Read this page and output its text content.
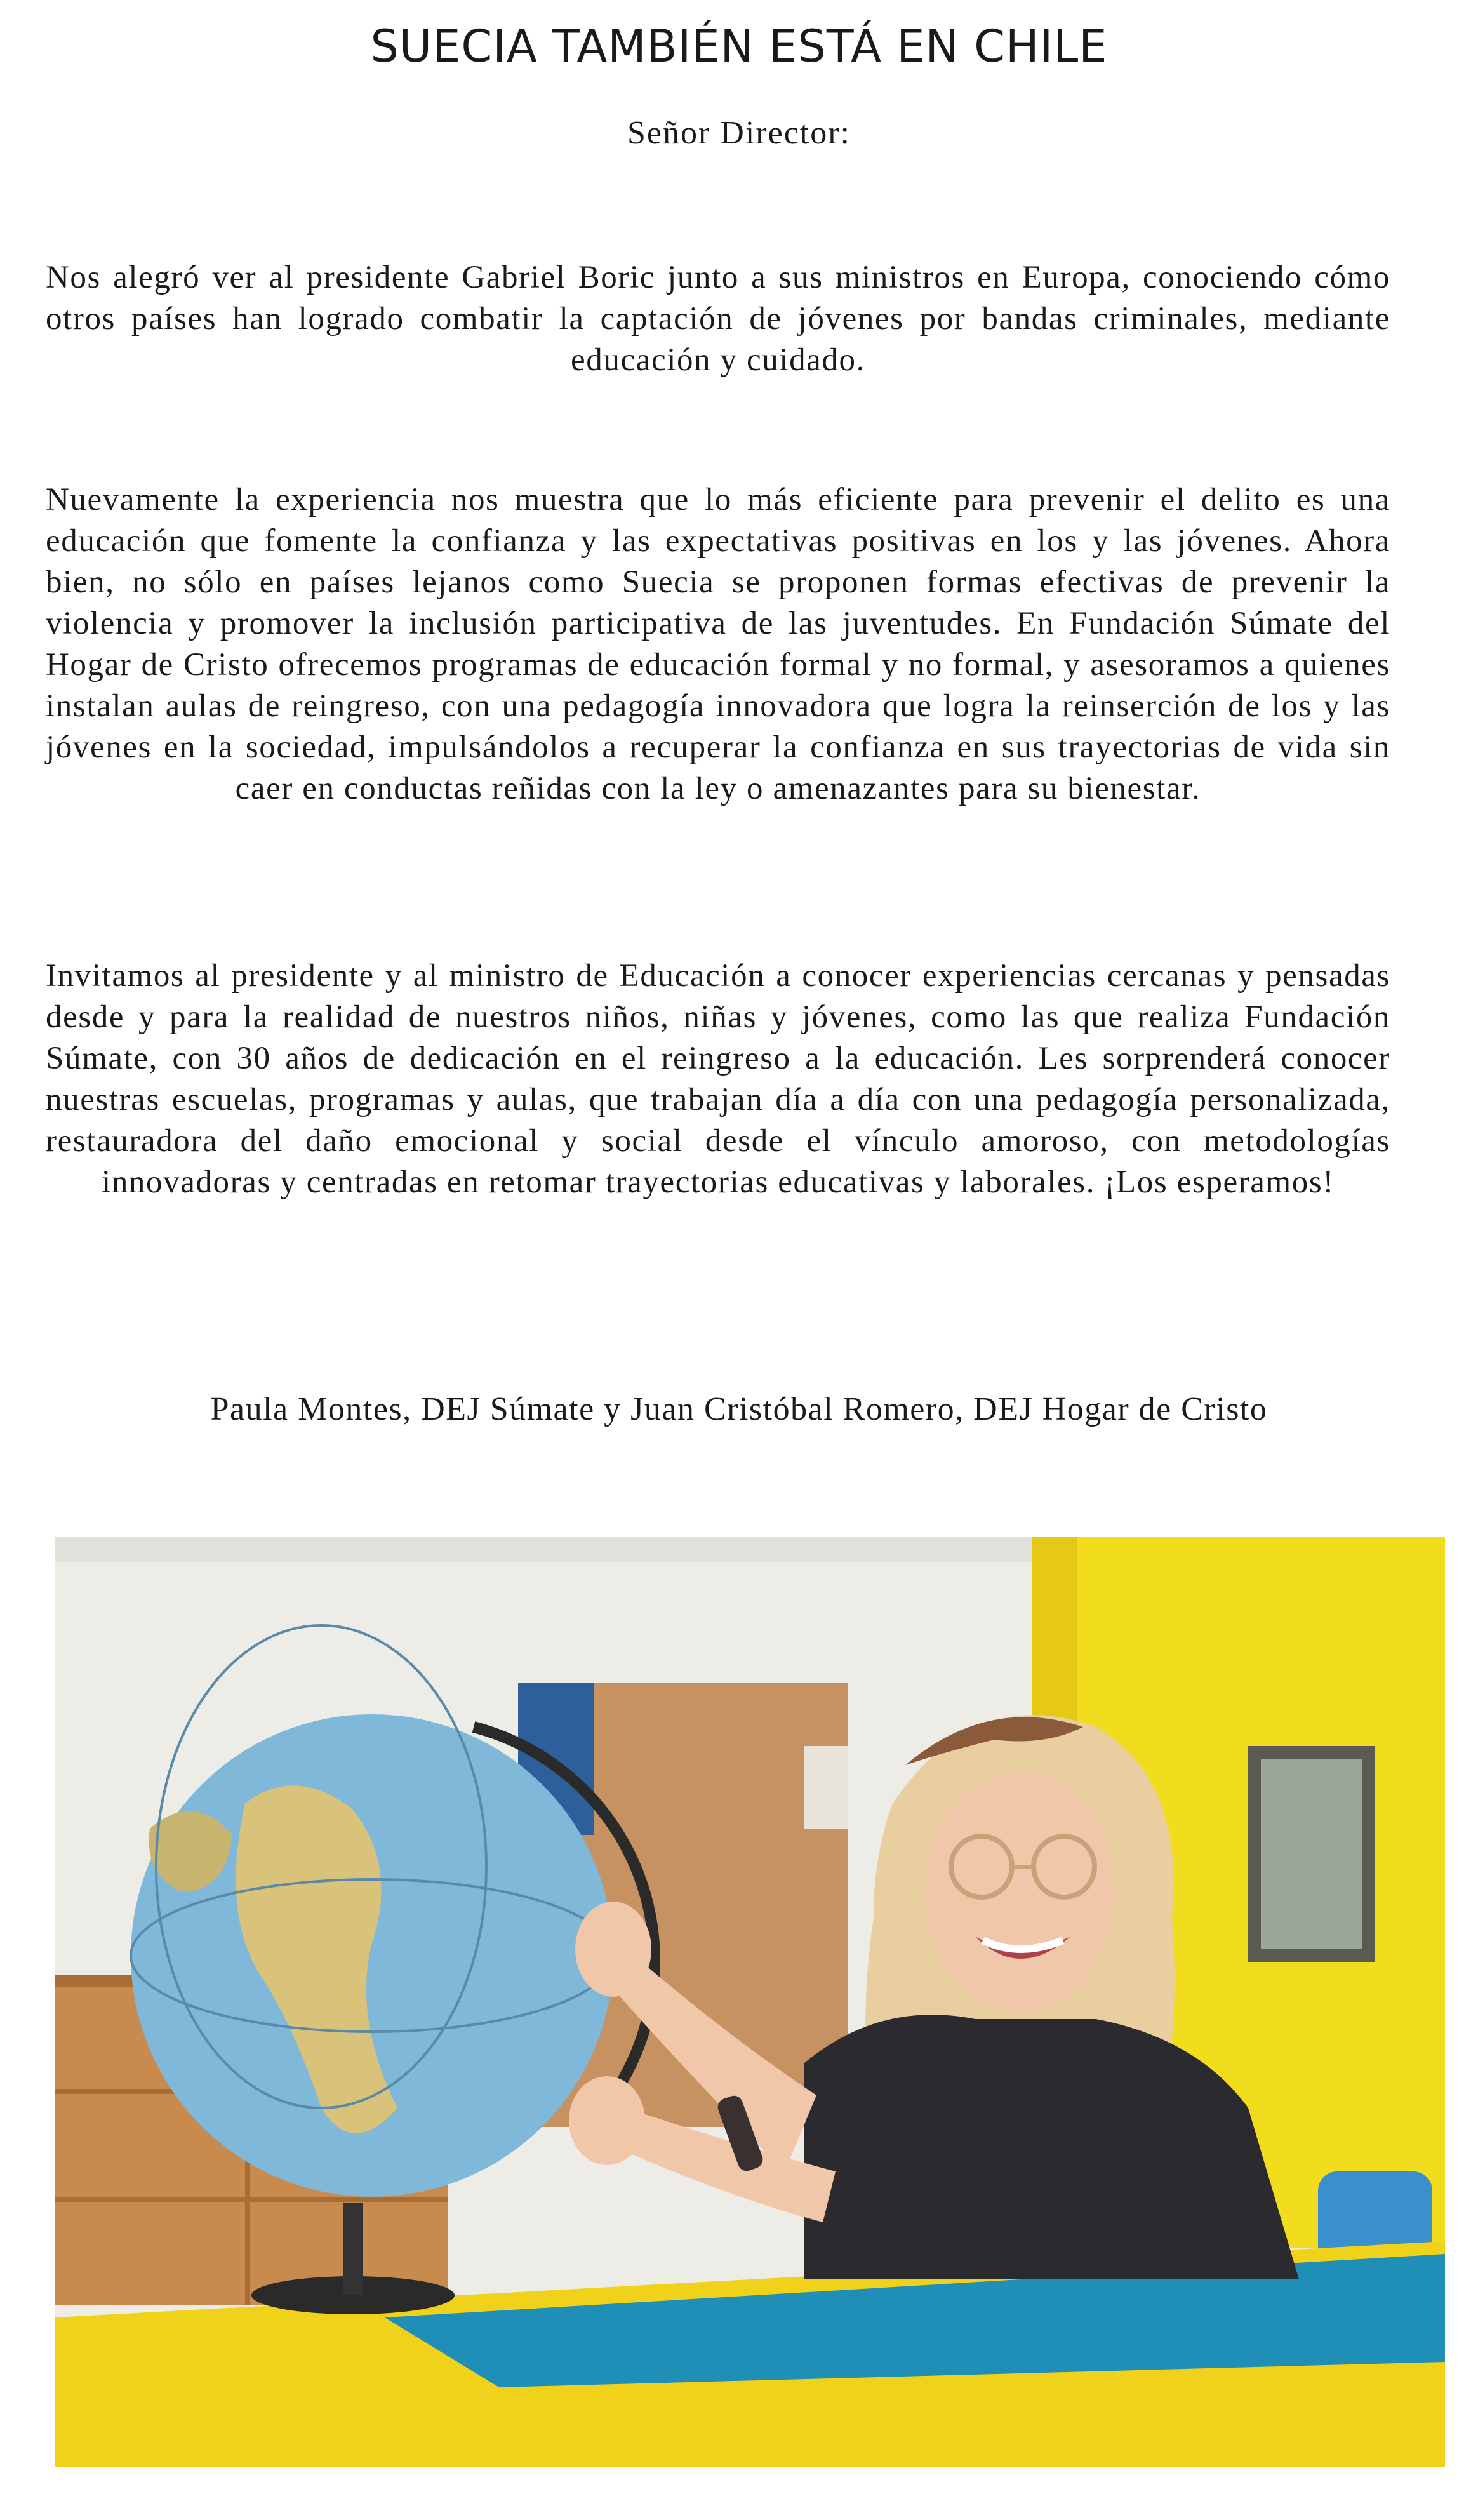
SUECIA TAMBIÉN ESTÁ EN CHILE

Señor Director:

Nos alegró ver al presidente Gabriel Boric junto a sus ministros en Europa, conociendo cómo otros países han logrado combatir la captación de jóvenes por bandas criminales, mediante educación y cuidado.

Nuevamente la experiencia nos muestra que lo más eficiente para prevenir el delito es una educación que fomente la confianza y las expectativas positivas en los y las jóvenes. Ahora bien, no sólo en países lejanos como Suecia se proponen formas efectivas de prevenir la violencia y promover la inclusión participativa de las juventudes. En Fundación Súmate del Hogar de Cristo ofrecemos programas de educación formal y no formal, y asesoramos a quienes instalan aulas de reingreso, con una pedagogía innovadora que logra la reinserción de los y las jóvenes en la sociedad, impulsándolos a recuperar la confianza en sus trayectorias de vida sin caer en conductas reñidas con la ley o amenazantes para su bienestar.

Invitamos al presidente y al ministro de Educación a conocer experiencias cercanas y pensadas desde y para la realidad de nuestros niños, niñas y jóvenes, como las que realiza Fundación Súmate, con 30 años de dedicación en el reingreso a la educación. Les sorprenderá conocer nuestras escuelas, programas y aulas, que trabajan día a día con una pedagogía personalizada, restauradora del daño emocional y social desde el vínculo amoroso, con metodologías innovadoras y centradas en retomar trayectorias educativas y laborales. ¡Los esperamos!

Paula Montes, DEJ Súmate y Juan Cristóbal Romero, DEJ Hogar de Cristo
